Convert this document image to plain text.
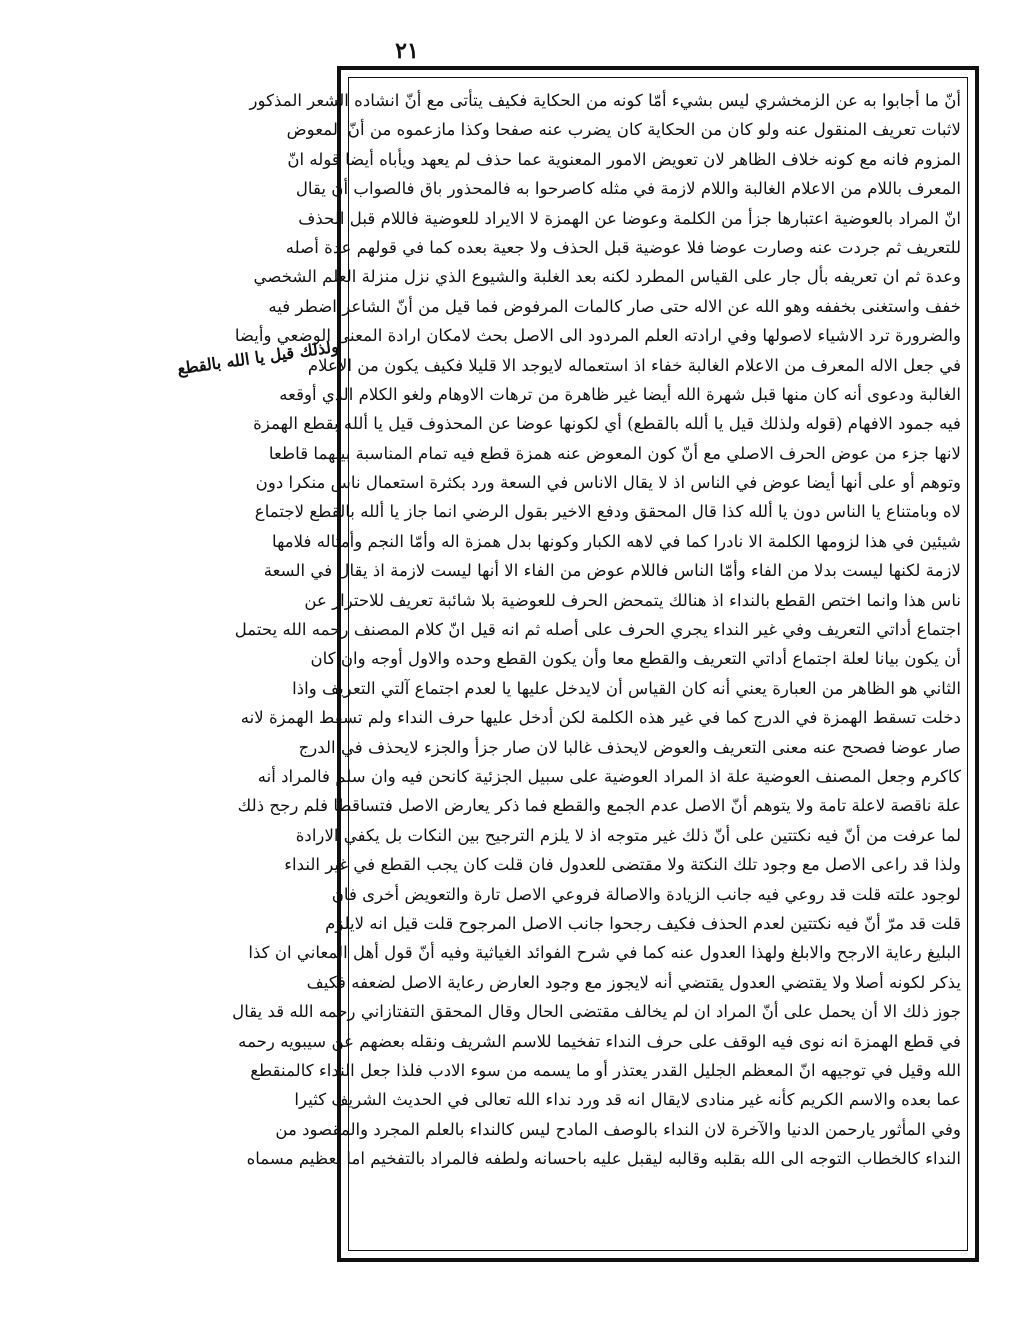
٢١
ولذلك قيل يا الله بالقطع
أنّ ما أجابوا به عن الزمخشري ليس بشيء أمّا كونه من الحكاية فكيف يتأتى مع أنّ انشاده الشعر المذكور
لاثبات تعريف المنقول عنه ولو كان من الحكاية كان يضرب عنه صفحا وكذا مازعموه من أنّ المعوض
المزوم فانه مع كونه خلاف الظاهر لان تعويض الامور المعنوية عما حذف لم يعهد ويأباه أيضا قوله انّ
المعرف باللام من الاعلام الغالبة واللام لازمة في مثله كاصرحوا به فالمحذور باق فالصواب أن يقال
انّ المراد بالعوضية اعتبارها جزأ من الكلمة وعوضا عن الهمزة لا الايراد للعوضية فاللام قبل الحذف
للتعريف ثم جردت عنه وصارت عوضا فلا عوضية قبل الحذف ولا جعية بعده كما في قولهم عدة أصله
وعدة ثم ان تعريفه بأل جار على القياس المطرد لكنه بعد الغلبة والشيوع الذي نزل منزلة العلم الشخصي
خفف واستغنى بخففه وهو الله عن الاله حتى صار كالمات المرفوض فما قيل من أنّ الشاعر اضطر فيه
والضرورة ترد الاشياء لاصولها وفي ارادته العلم المردود الى الاصل بحث لامكان ارادة المعنى الوضعي وأيضا
في جعل الاله المعرف من الاعلام الغالبة خفاء اذ استعماله لايوجد الا قليلا فكيف يكون من الاعلام
الغالبة ودعوى أنه كان منها قبل شهرة الله أيضا غير ظاهرة من ترهات الاوهام ولغو الكلام الذي أوقعه
فيه جمود الافهام (قوله ولذلك قيل يا ألله بالقطع) أي لكونها عوضا عن المحذوف قيل يا ألله بقطع الهمزة
لانها جزء من عوض الحرف الاصلي مع أنّ كون المعوض عنه همزة قطع فيه تمام المناسبة بينهما قاطعا
وتوهم أو على أنها أيضا عوض في الناس اذ لا يقال الاناس في السعة ورد بكثرة استعمال ناس منكرا دون
لاه وبامتناع يا الناس دون يا ألله كذا قال المحقق ودفع الاخير بقول الرضي انما جاز يا ألله بالقطع لاجتماع
شيئين في هذا لزومها الكلمة الا نادرا كما في لاهه الكبار وكونها بدل همزة اله وأمّا النجم وأمثاله فلامها
لازمة لكنها ليست بدلا من الفاء وأمّا الناس فاللام عوض من الفاء الا أنها ليست لازمة اذ يقال في السعة
ناس هذا وانما اختص القطع بالنداء اذ هنالك يتمحض الحرف للعوضية بلا شائبة تعريف للاحتراز عن
اجتماع أداتي التعريف وفي غير النداء يجري الحرف على أصله ثم انه قيل انّ كلام المصنف رحمه الله يحتمل
أن يكون بيانا لعلة اجتماع أداتي التعريف والقطع معا وأن يكون القطع وحده والاول أوجه وان كان
الثاني هو الظاهر من العبارة يعني أنه كان القياس أن لايدخل عليها يا لعدم اجتماع آلتي التعريف واذا
دخلت تسقط الهمزة في الدرج كما في غير هذه الكلمة لكن أدخل عليها حرف النداء ولم تسقط الهمزة لانه
صار عوضا فصحح عنه معنى التعريف والعوض لايحذف غالبا لان صار جزأ والجزء لايحذف في الدرج
كاكرم وجعل المصنف العوضية علة اذ المراد العوضية على سبيل الجزئية كانحن فيه وان سلم فالمراد أنه
علة ناقصة لاعلة تامة ولا يتوهم أنّ الاصل عدم الجمع والقطع فما ذكر يعارض الاصل فتساقطا فلم رجح ذلك
لما عرفت من أنّ فيه نكتتين على أنّ ذلك غير متوجه اذ لا يلزم الترجيح بين النكات بل يكفي الارادة
ولذا قد راعى الاصل مع وجود تلك النكتة ولا مقتضى للعدول فان قلت كان يجب القطع في غير النداء
لوجود علته قلت قد روعي فيه جانب الزيادة والاصالة فروعي الاصل تارة والتعويض أخرى فان
قلت قد مرّ أنّ فيه نكتتين لعدم الحذف فكيف رجحوا جانب الاصل المرجوح قلت قيل انه لايلزم
البليغ رعاية الارجح والابلغ ولهذا العدول عنه كما في شرح الفوائد الغياثية وفيه أنّ قول أهل المعاني ان كذا
يذكر لكونه أصلا ولا يقتضي العدول يقتضي أنه لايجوز مع وجود العارض رعاية الاصل لضعفه فكيف
جوز ذلك الا أن يحمل على أنّ المراد ان لم يخالف مقتضى الحال وقال المحقق التفتازاني رحمه الله قد يقال
في قطع الهمزة انه نوى فيه الوقف على حرف النداء تفخيما للاسم الشريف ونقله بعضهم عن سيبويه رحمه
الله وقيل في توجيهه انّ المعظم الجليل القدر يعتذر أو ما يسمه من سوء الادب فلذا جعل النداء كالمنقطع
عما بعده والاسم الكريم كأنه غير منادى لايقال انه قد ورد نداء الله تعالى في الحديث الشريف كثيرا
وفي المأثور يارحمن الدنيا والآخرة لان النداء بالوصف المادح ليس كالنداء بالعلم المجرد والمقصود من
النداء كالخطاب التوجه الى الله بقلبه وقالبه ليقبل عليه باحسانه ولطفه فالمراد بالتفخيم اما تعظيم مسماه
